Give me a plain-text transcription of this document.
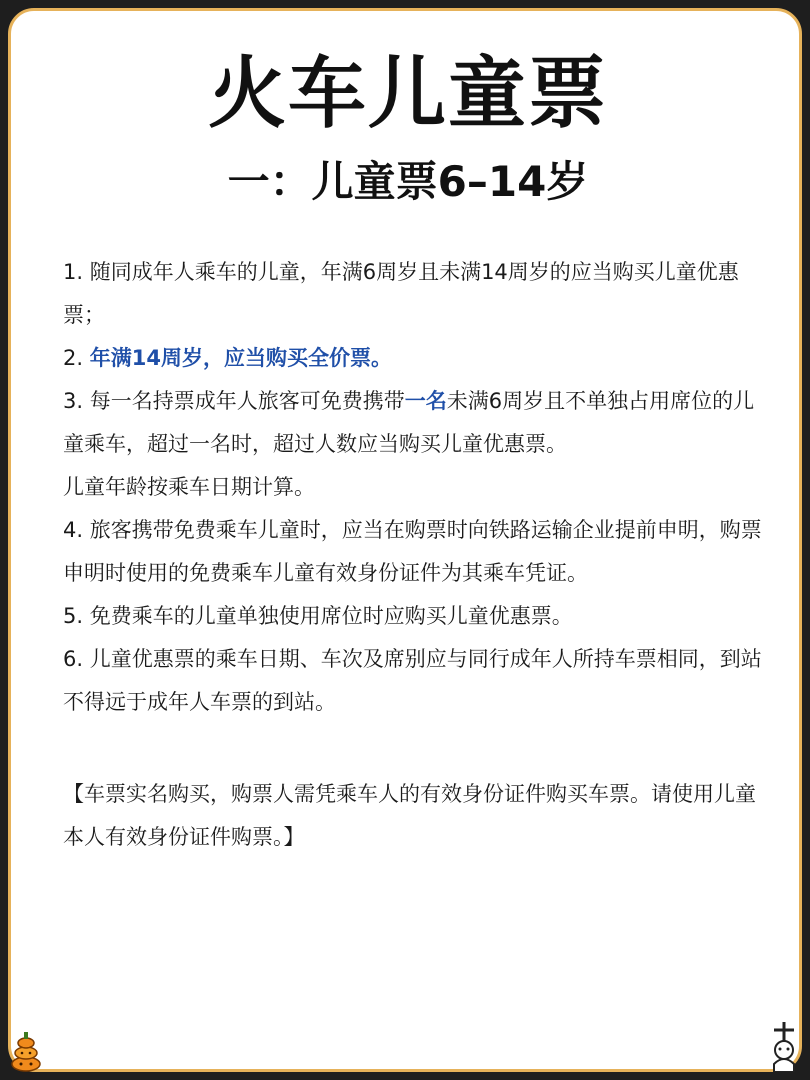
火车儿童票
一：儿童票6–14岁

1. 随同成年人乘车的儿童，年满6周岁且未满14周岁的应当购买儿童优惠票；

2. 年满14周岁，应当购买全价票。

3. 每一名持票成年人旅客可免费携带一名未满6周岁且不单独占用席位的儿童乘车，超过一名时，超过人数应当购买儿童优惠票。

儿童年龄按乘车日期计算。

4. 旅客携带免费乘车儿童时，应当在购票时向铁路运输企业提前申明，购票申明时使用的免费乘车儿童有效身份证件为其乘车凭证。

5. 免费乘车的儿童单独使用席位时应购买儿童优惠票。

6. 儿童优惠票的乘车日期、车次及席别应与同行成年人所持车票相同，到站不得远于成年人车票的到站。

【车票实名购买，购票人需凭乘车人的有效身份证件购买车票。请使用儿童本人有效身份证件购票。】
